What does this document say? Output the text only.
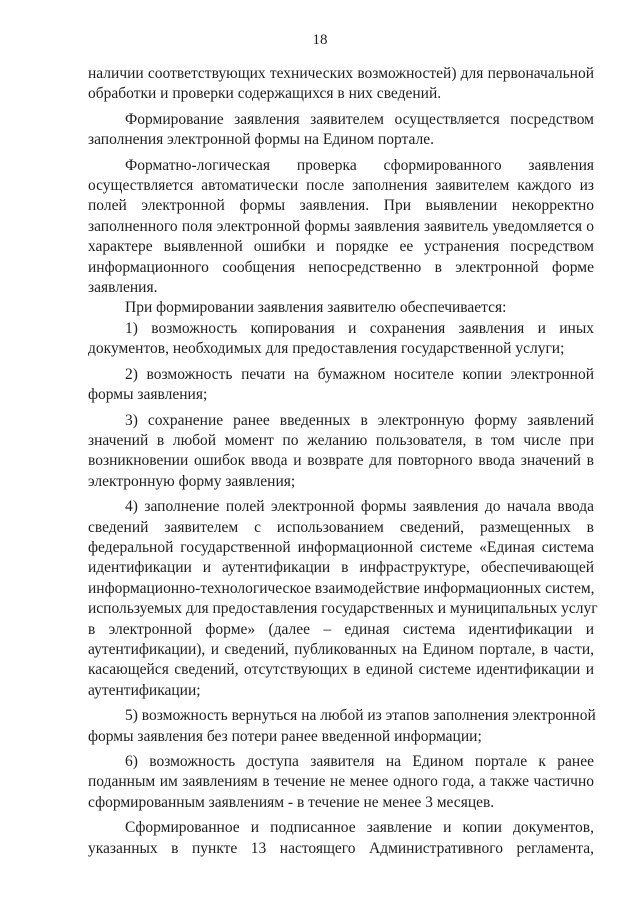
18
наличии соответствующих технических возможностей) для первоначальной
обработки и проверки содержащихся в них сведений.
Формирование заявления заявителем осуществляется посредством
заполнения электронной формы на Едином портале.
Форматно-логическая проверка сформированного заявления
осуществляется автоматически после заполнения заявителем каждого из
полей электронной формы заявления. При выявлении некорректно
заполненного поля электронной формы заявления заявитель уведомляется о
характере выявленной ошибки и порядке ее устранения посредством
информационного сообщения непосредственно в электронной форме
заявления.
При формировании заявления заявителю обеспечивается:
1) возможность копирования и сохранения заявления и иных
документов, необходимых для предоставления государственной услуги;
2) возможность печати на бумажном носителе копии электронной
формы заявления;
3) сохранение ранее введенных в электронную форму заявлений
значений в любой момент по желанию пользователя, в том числе при
возникновении ошибок ввода и возврате для повторного ввода значений в
электронную форму заявления;
4) заполнение полей электронной формы заявления до начала ввода
сведений заявителем с использованием сведений, размещенных в
федеральной государственной информационной системе «Единая система
идентификации и аутентификации в инфраструктуре, обеспечивающей
информационно-технологическое взаимодействие информационных систем,
используемых для предоставления государственных и муниципальных услуг
в электронной форме» (далее – единая система идентификации и
аутентификации), и сведений, публикованных на Едином портале, в части,
касающейся сведений, отсутствующих в единой системе идентификации и
аутентификации;
5) возможность вернуться на любой из этапов заполнения электронной
формы заявления без потери ранее введенной информации;
6) возможность доступа заявителя на Едином портале к ранее
поданным им заявлениям в течение не менее одного года, а также частично
сформированным заявлениям - в течение не менее 3 месяцев.
Сформированное и подписанное заявление и копии документов,
указанных в пункте 13 настоящего Административного регламента,
